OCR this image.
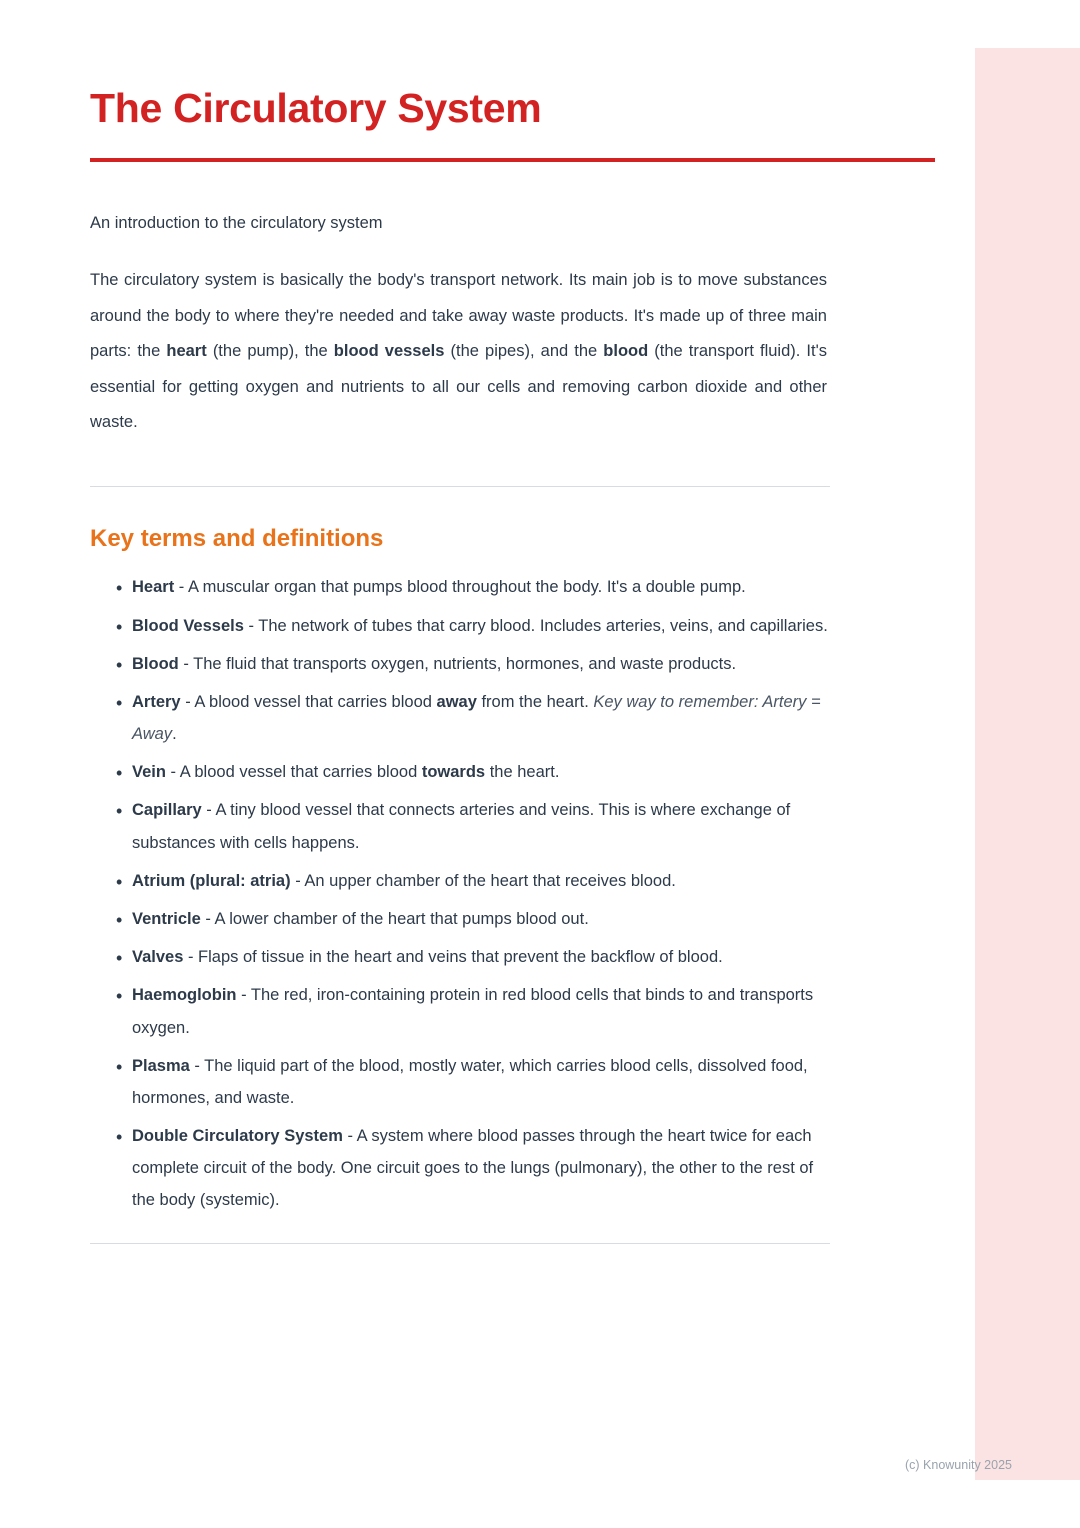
The Circulatory System
An introduction to the circulatory system

The circulatory system is basically the body's transport network. Its main job is to move substances around the body to where they're needed and take away waste products. It's made up of three main parts: the heart (the pump), the blood vessels (the pipes), and the blood (the transport fluid). It's essential for getting oxygen and nutrients to all our cells and removing carbon dioxide and other waste.

Key terms and definitions
• Heart - A muscular organ that pumps blood throughout the body. It's a double pump.
• Blood Vessels - The network of tubes that carry blood. Includes arteries, veins, and capillaries.
• Blood - The fluid that transports oxygen, nutrients, hormones, and waste products.
• Artery - A blood vessel that carries blood away from the heart. Key way to remember: Artery = Away.
• Vein - A blood vessel that carries blood towards the heart.
• Capillary - A tiny blood vessel that connects arteries and veins. This is where exchange of substances with cells happens.
• Atrium (plural: atria) - An upper chamber of the heart that receives blood.
• Ventricle - A lower chamber of the heart that pumps blood out.
• Valves - Flaps of tissue in the heart and veins that prevent the backflow of blood.
• Haemoglobin - The red, iron-containing protein in red blood cells that binds to and transports oxygen.
• Plasma - The liquid part of the blood, mostly water, which carries blood cells, dissolved food, hormones, and waste.
• Double Circulatory System - A system where blood passes through the heart twice for each complete circuit of the body. One circuit goes to the lungs (pulmonary), the other to the rest of the body (systemic).
(c) Knowunity 2025
